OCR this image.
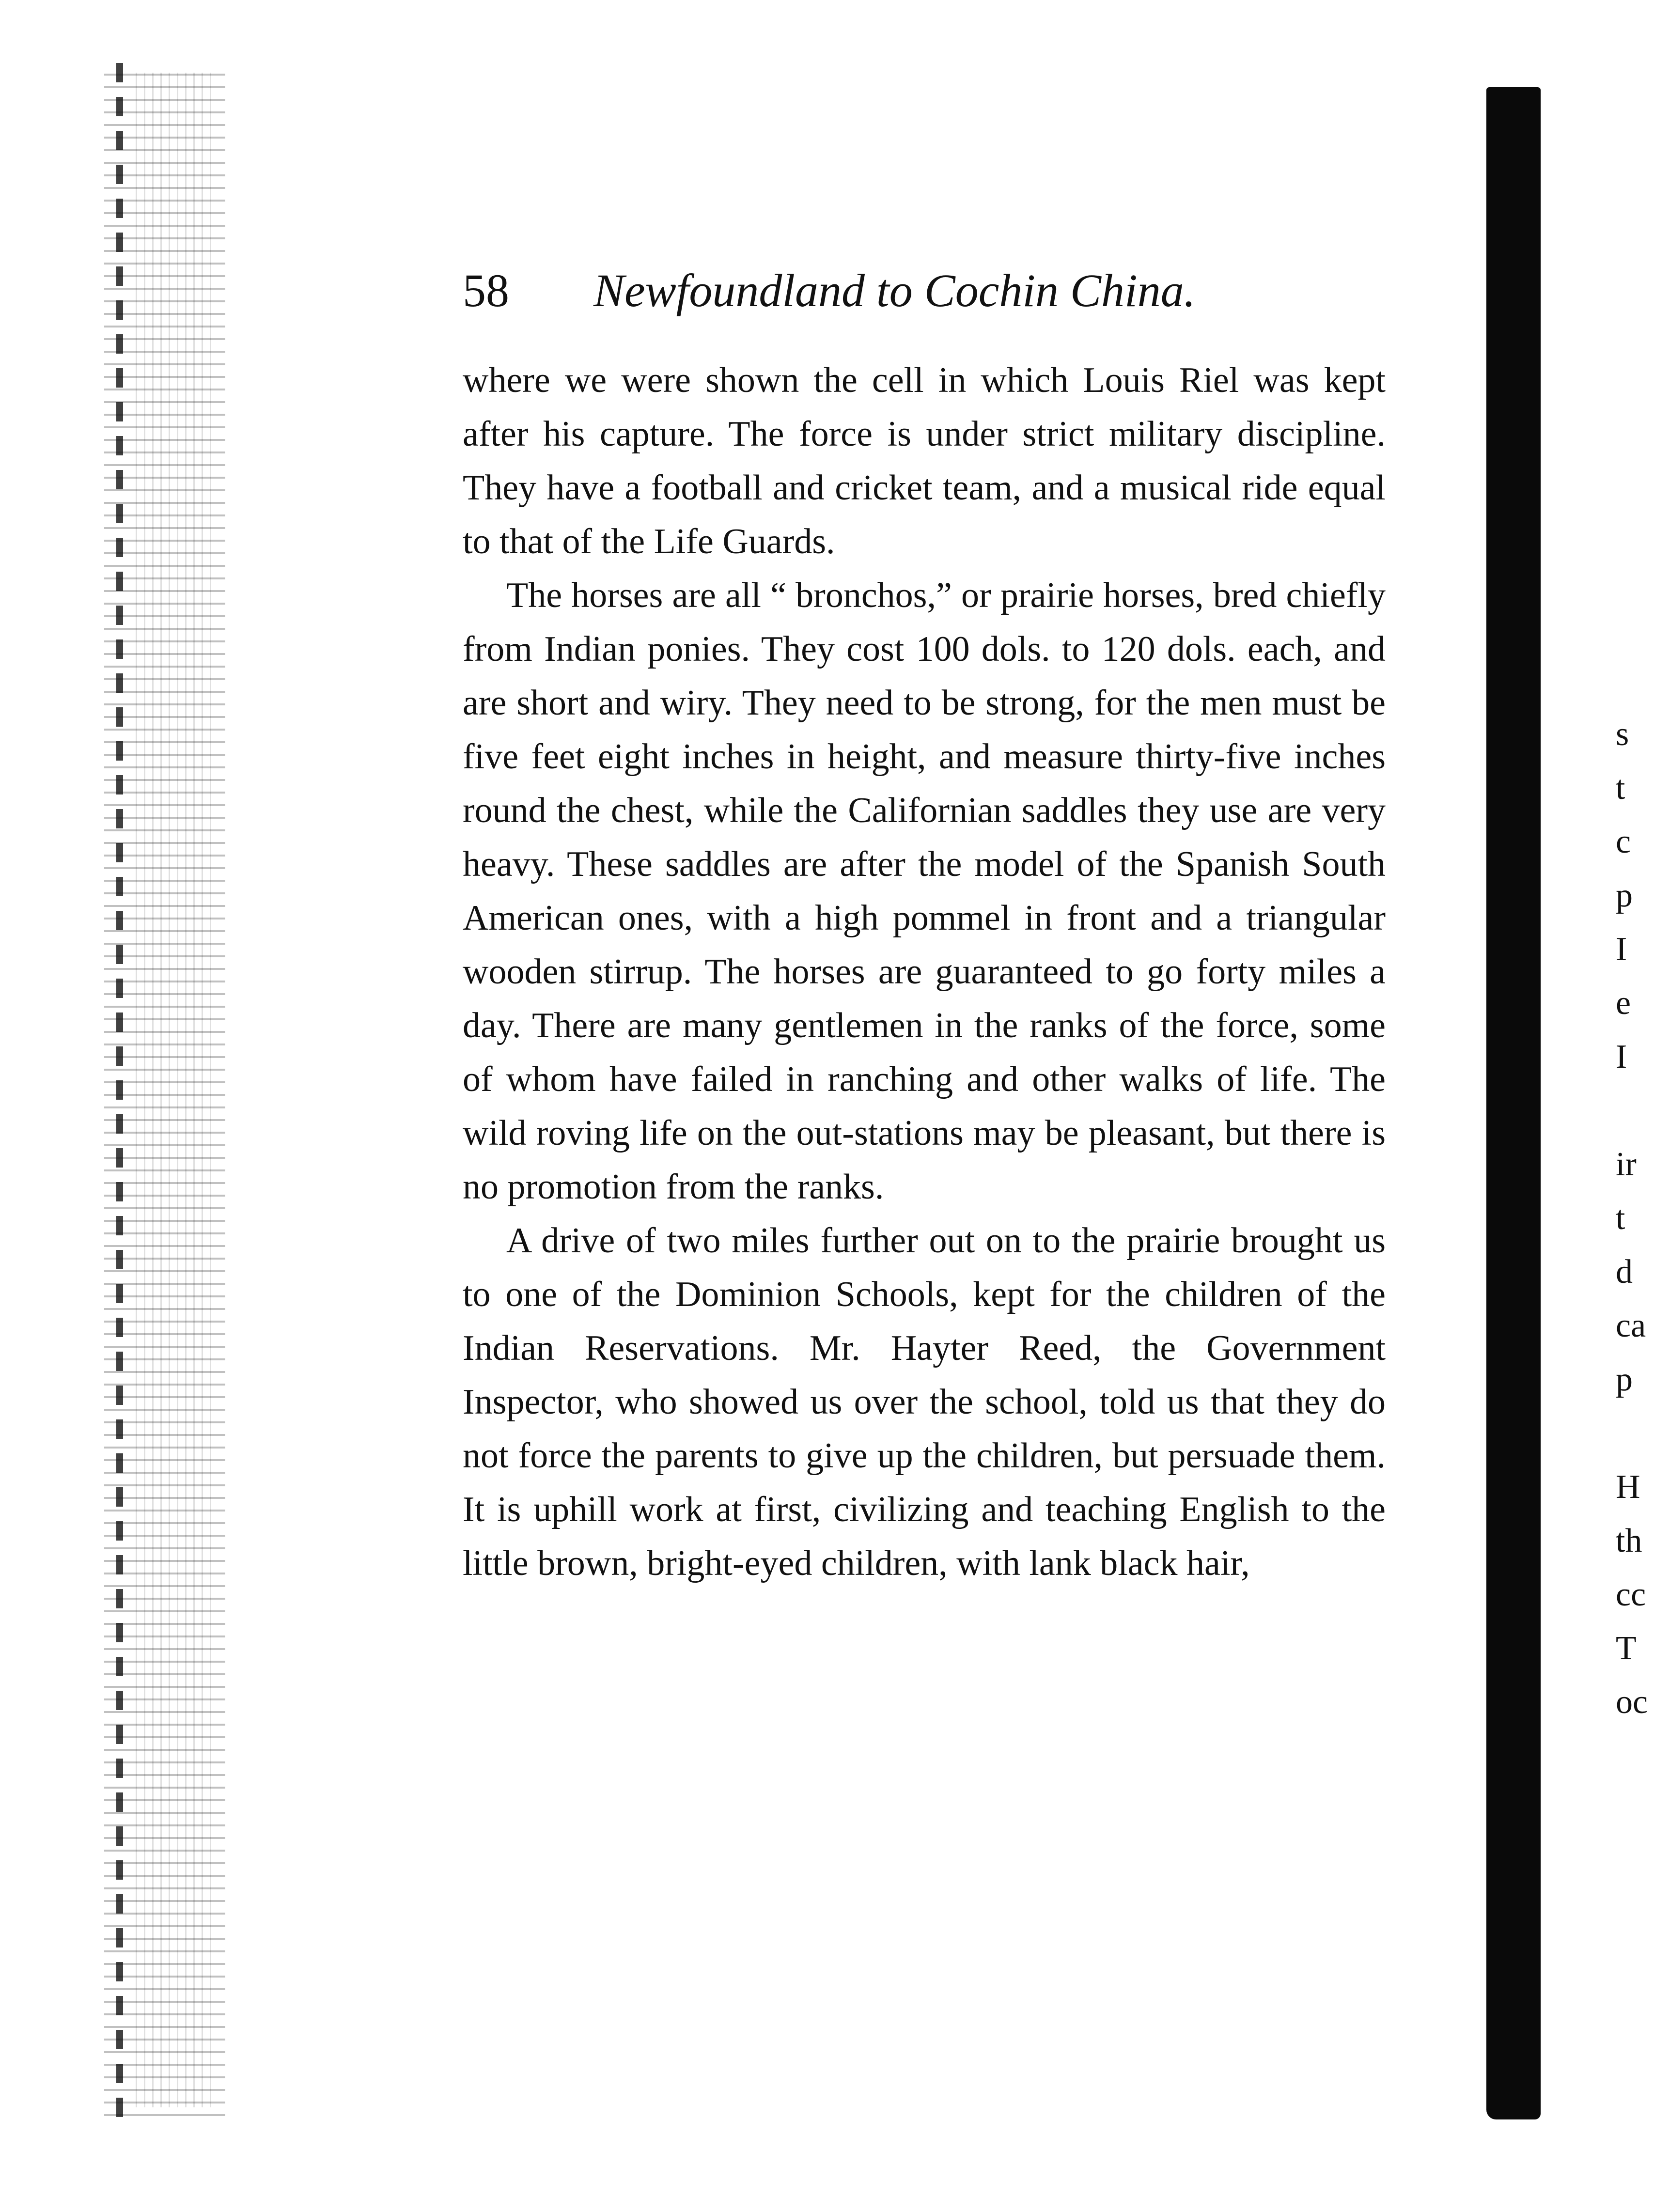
58 Newfoundland to Cochin China.

where we were shown the cell in which Louis Riel was kept after his capture. The force is under strict military discipline. They have a football and cricket team, and a musical ride equal to that of the Life Guards.

The horses are all “ bronchos,” or prairie horses, bred chiefly from Indian ponies. They cost 100 dols. to 120 dols. each, and are short and wiry. They need to be strong, for the men must be five feet eight inches in height, and measure thirty-five inches round the chest, while the Californian saddles they use are very heavy. These saddles are after the model of the Spanish South American ones, with a high pommel in front and a triangular wooden stirrup. The horses are guaranteed to go forty miles a day. There are many gentlemen in the ranks of the force, some of whom have failed in ranching and other walks of life. The wild roving life on the out-stations may be pleasant, but there is no promotion from the ranks.

A drive of two miles further out on to the prairie brought us to one of the Dominion Schools, kept for the children of the Indian Reservations. Mr. Hayter Reed, the Government Inspector, who showed us over the school, told us that they do not force the parents to give up the children, but persuade them. It is uphill work at first, civilizing and teaching English to the little brown, bright-eyed children, with lank black hair,

s
t
c
p
I
e
I
ir
t
d
ca
p
H
th
cc
T
oc
